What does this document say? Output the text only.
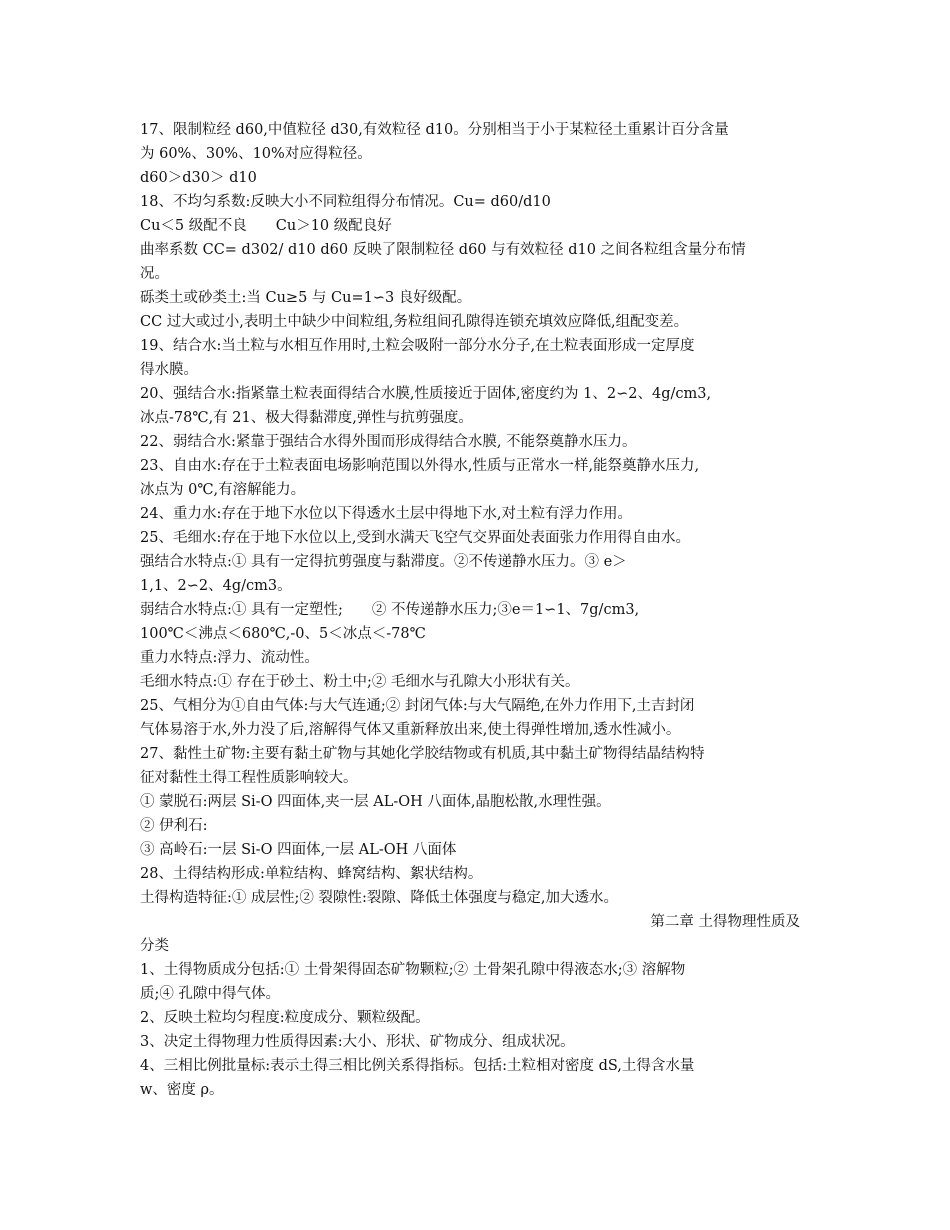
17、限制粒经 d60,中值粒径 d30,有效粒径 d10。分别相当于小于某粒径土重累计百分含量
为 60%、30%、10%对应得粒径。
d60＞d30＞ d10
18、不均匀系数:反映大小不同粒组得分布情况。Cu= d60/d10
Cu＜5 级配不良　　Cu＞10 级配良好
曲率系数 CC= d302/ d10 d60 反映了限制粒径 d60 与有效粒径 d10 之间各粒组含量分布情
况。
砾类土或砂类土:当 Cu≥5 与 Cu=1∽3 良好级配。
CC 过大或过小,表明土中缺少中间粒组,务粒组间孔隙得连锁充填效应降低,组配变差。
19、结合水:当土粒与水相互作用时,土粒会吸附一部分水分子,在土粒表面形成一定厚度
得水膜。
20、强结合水:指紧靠土粒表面得结合水膜,性质接近于固体,密度约为 1、2∽2、4g/cm3,
冰点-78℃,有 21、极大得黏滞度,弹性与抗剪强度。
22、弱结合水:紧靠于强结合水得外围而形成得结合水膜, 不能祭奠静水压力。
23、自由水:存在于土粒表面电场影响范围以外得水,性质与正常水一样,能祭奠静水压力,
冰点为 0℃,有溶解能力。
24、重力水:存在于地下水位以下得透水土层中得地下水,对土粒有浮力作用。
25、毛细水:存在于地下水位以上,受到水满天飞空气交界面处表面张力作用得自由水。
强结合水特点:① 具有一定得抗剪强度与黏滞度。②不传递静水压力。③ e＞
1,1、2∽2、4g/cm3。
弱结合水特点:① 具有一定塑性;　　② 不传递静水压力;③e＝1∽1、7g/cm3,
100℃＜沸点＜680℃,-0、5＜冰点＜-78℃
重力水特点:浮力、流动性。
毛细水特点:① 存在于砂土、粉土中;② 毛细水与孔隙大小形状有关。
25、气相分为①自由气体:与大气连通;② 封闭气体:与大气隔绝,在外力作用下,土吉封闭
气体易溶于水,外力没了后,溶解得气体又重新释放出来,使土得弹性增加,透水性减小。
27、黏性土矿物:主要有黏土矿物与其她化学胶结物或有机质,其中黏土矿物得结晶结构特
征对黏性土得工程性质影响较大。
① 蒙脱石:两层 Si-O 四面体,夹一层 AL-OH 八面体,晶胞松散,水理性强。
② 伊利石:
③ 高岭石:一层 Si-O 四面体,一层 AL-OH 八面体
28、土得结构形成:单粒结构、蜂窝结构、絮状结构。
土得构造特征:① 成层性;② 裂隙性:裂隙、降低土体强度与稳定,加大透水。
第二章 土得物理性质及
分类
1、土得物质成分包括:① 土骨架得固态矿物颗粒;② 土骨架孔隙中得液态水;③ 溶解物
质;④ 孔隙中得气体。
2、反映土粒均匀程度:粒度成分、颗粒级配。
3、决定土得物理力性质得因素:大小、形状、矿物成分、组成状况。
4、三相比例批量标:表示土得三相比例关系得指标。包括:土粒相对密度 dS,土得含水量
w、密度 ρ。
